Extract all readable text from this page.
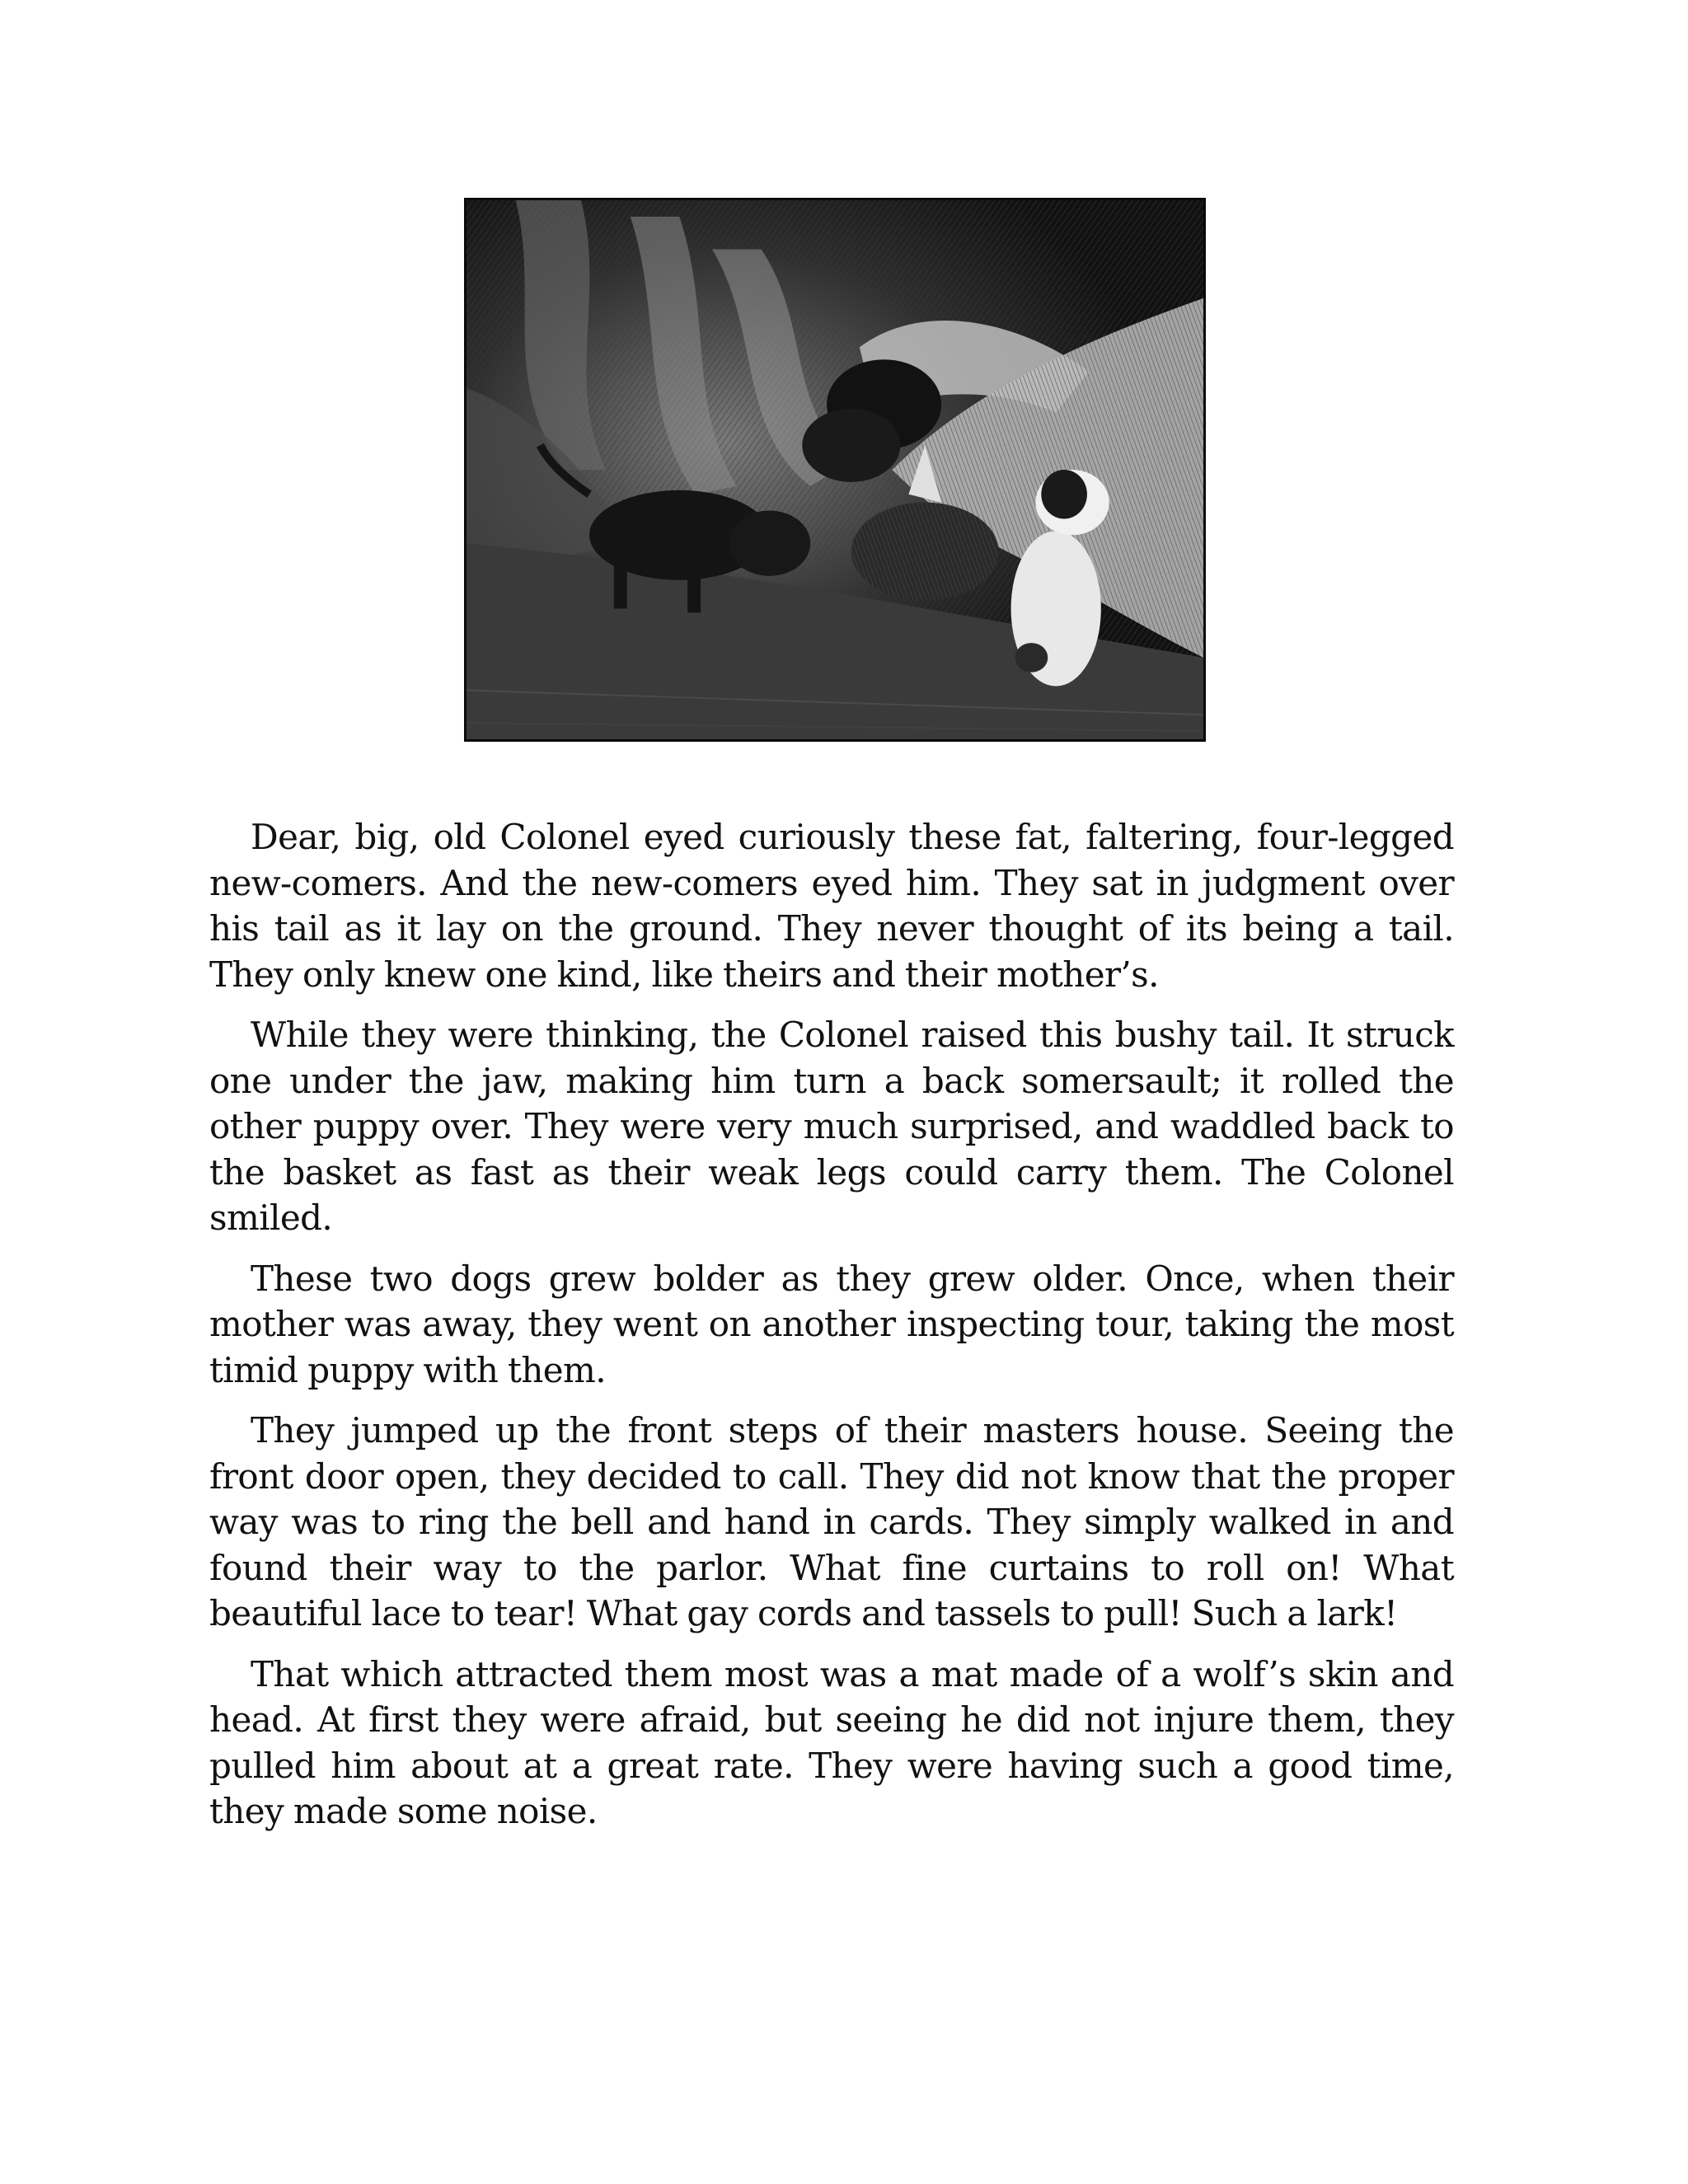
Dear, big, old Colonel eyed curiously these fat, faltering, four-legged new-comers. And the new-comers eyed him. They sat in judgment over his tail as it lay on the ground. They never thought of its being a tail. They only knew one kind, like theirs and their mother’s.

While they were thinking, the Colonel raised this bushy tail. It struck one under the jaw, making him turn a back somersault; it rolled the other puppy over. They were very much surprised, and waddled back to the basket as fast as their weak legs could carry them. The Colonel smiled.

These two dogs grew bolder as they grew older. Once, when their mother was away, they went on another inspecting tour, taking the most timid puppy with them.

They jumped up the front steps of their masters house. Seeing the front door open, they decided to call. They did not know that the proper way was to ring the bell and hand in cards. They simply walked in and found their way to the parlor. What fine curtains to roll on! What beautiful lace to tear! What gay cords and tassels to pull! Such a lark!

That which attracted them most was a mat made of a wolf’s skin and head. At first they were afraid, but seeing he did not injure them, they pulled him about at a great rate. They were having such a good time, they made some noise.
